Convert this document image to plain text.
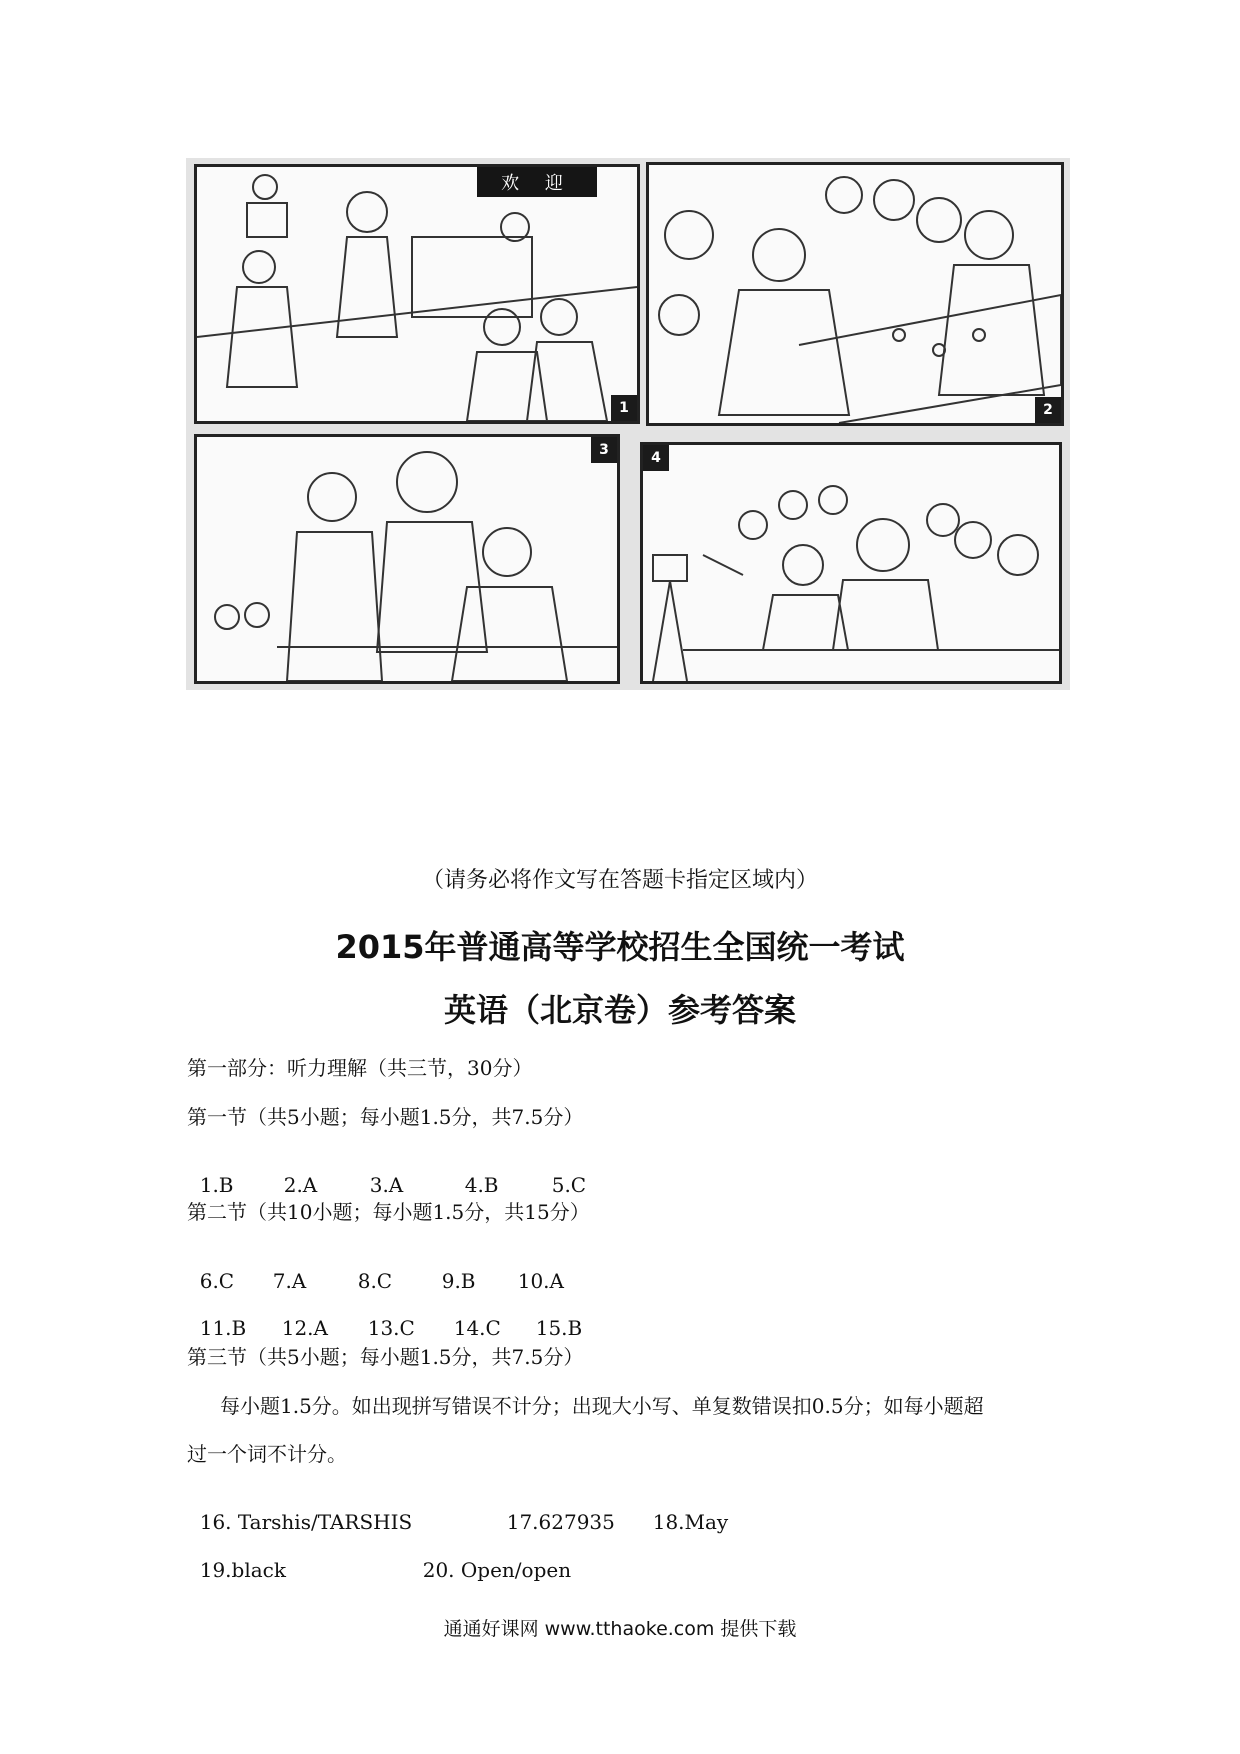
欢 迎
1	2
3	4
（请务必将作文写在答题卡指定区域内）
2015年普通高等学校招生全国统一考试
英语（北京卷）参考答案
第一部分：听力理解（共三节，30分）
第一节（共5小题；每小题1.5分，共7.5分）

1.B	2.A	3.A	4.B	5.C

第二节（共10小题；每小题1.5分，共15分）

6.C 7.A	8.C 9.B 10.A

11.B 12.A 13.C 14.C 15.B

第三节（共5小题；每小题1.5分，共7.5分）
每小题1.5分。如出现拼写错误不计分；出现大小写、单复数错误扣0.5分；如每小题超
过一个词不计分。

16. Tarshis/TARSHIS	17.627935 18.May

19.black	20. Open/open

通通好课网 www.tthaoke.com 提供下载
